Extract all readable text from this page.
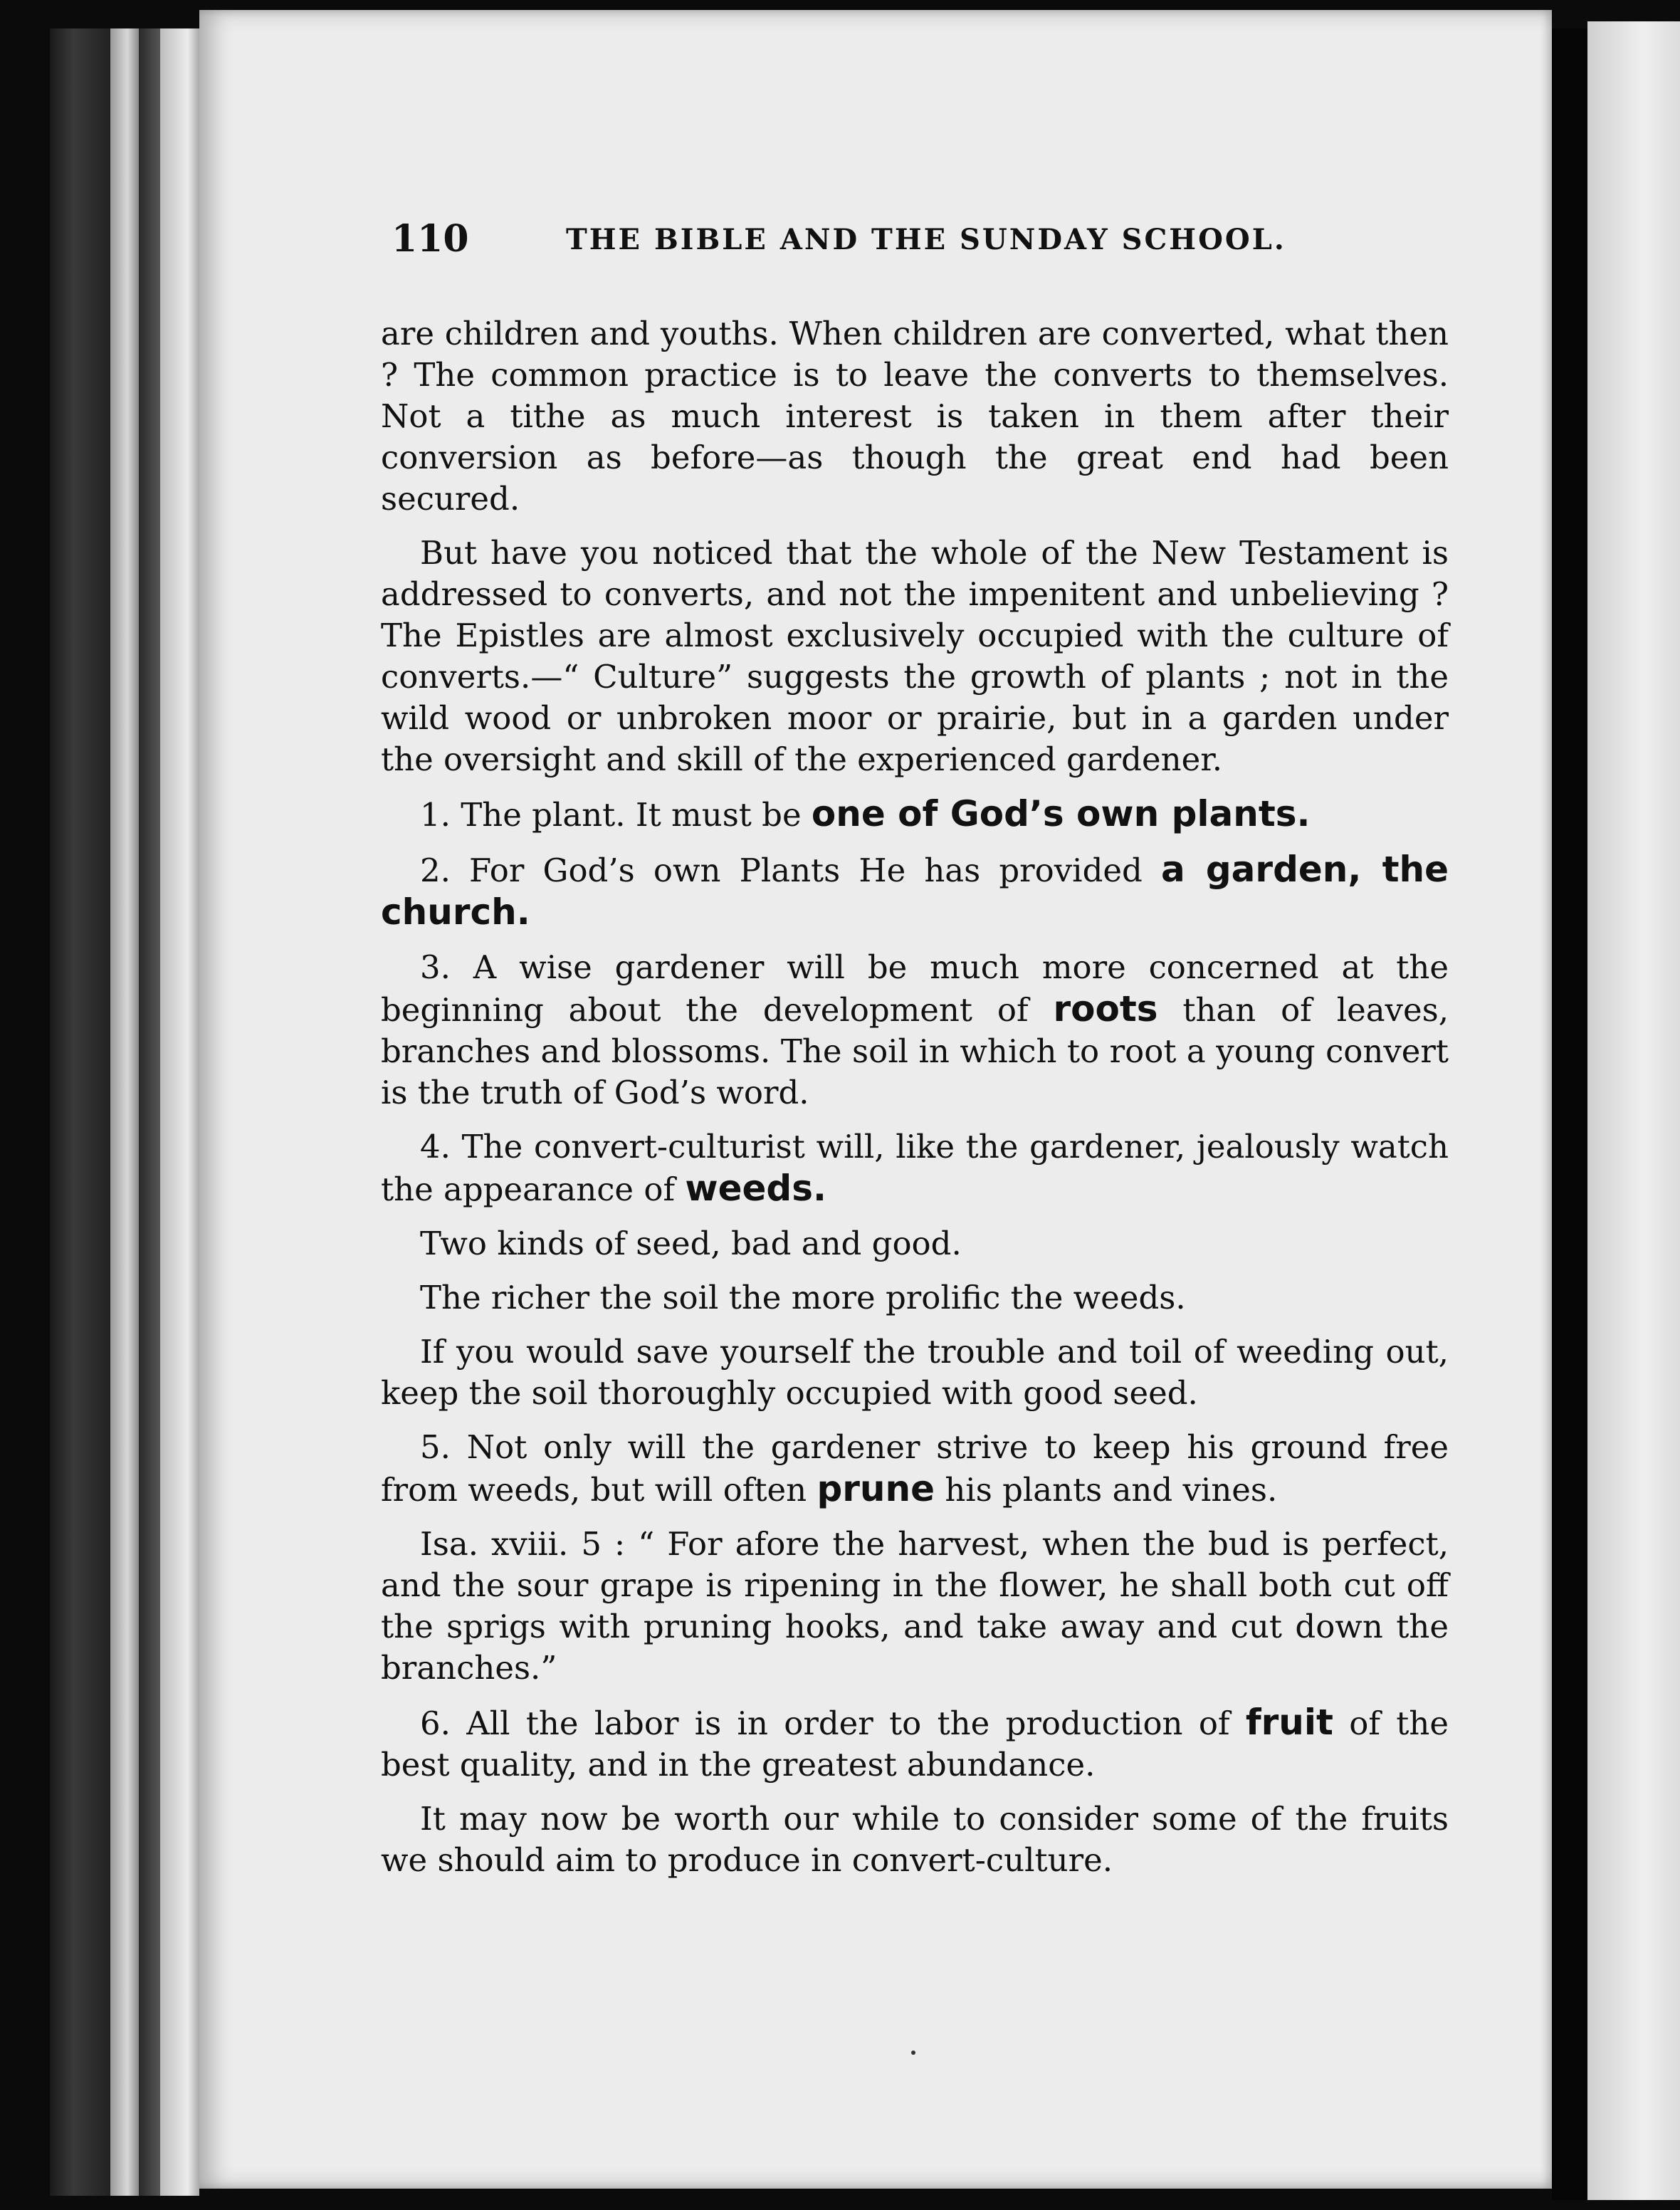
110	THE BIBLE AND THE SUNDAY SCHOOL.

are children and youths. When children are converted, what then ? The common practice is to leave the converts to themselves. Not a tithe as much interest is taken in them after their conversion as before—as though the great end had been secured.

But have you noticed that the whole of the New Testament is addressed to converts, and not the impenitent and unbelieving ? The Epistles are almost exclusively occupied with the culture of converts.—“ Culture” suggests the growth of plants ; not in the wild wood or unbroken moor or prairie, but in a garden under the oversight and skill of the experienced gardener.

1. The plant. It must be one of God’s own plants.

2. For God’s own Plants He has provided a garden, the church.

3. A wise gardener will be much more concerned at the beginning about the development of roots than of leaves, branches and blossoms. The soil in which to root a young convert is the truth of God’s word.

4. The convert-culturist will, like the gardener, jealously watch the appearance of weeds.

Two kinds of seed, bad and good.

The richer the soil the more prolific the weeds.

If you would save yourself the trouble and toil of weeding out, keep the soil thoroughly occupied with good seed.

5. Not only will the gardener strive to keep his ground free from weeds, but will often prune his plants and vines.

Isa. xviii. 5 : “ For afore the harvest, when the bud is perfect, and the sour grape is ripening in the flower, he shall both cut off the sprigs with pruning hooks, and take away and cut down the branches.”

6. All the labor is in order to the production of fruit of the best quality, and in the greatest abundance.

It may now be worth our while to consider some of the fruits we should aim to produce in convert-culture.
